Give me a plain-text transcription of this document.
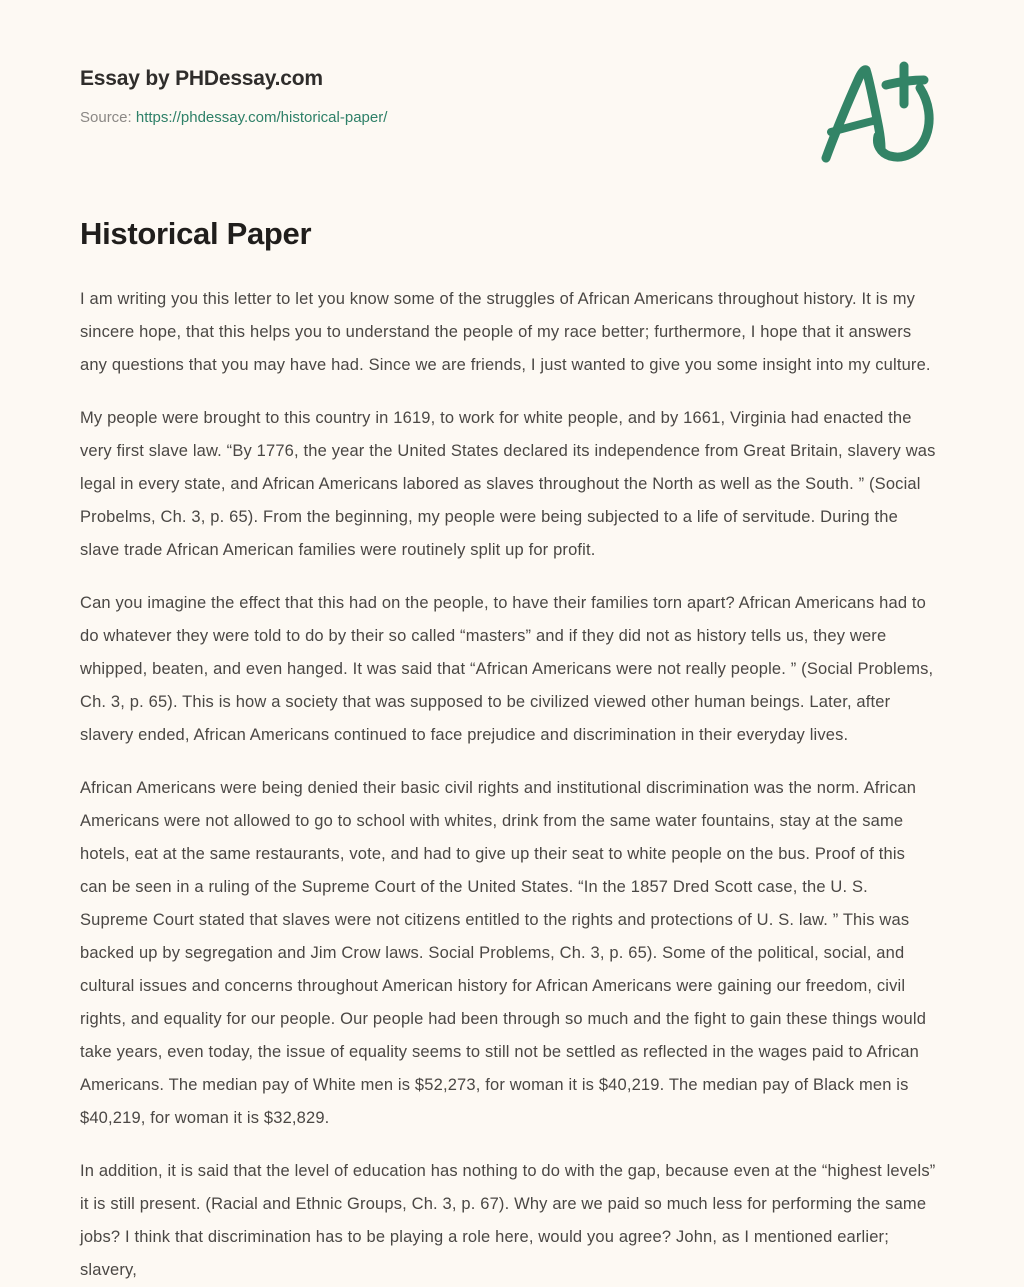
Essay by PHDessay.com
Source: https://phdessay.com/historical-paper/
Historical Paper

I am writing you this letter to let you know some of the struggles of African Americans throughout history. It is my sincere hope, that this helps you to understand the people of my race better; furthermore, I hope that it answers any questions that you may have had. Since we are friends, I just wanted to give you some insight into my culture.

My people were brought to this country in 1619, to work for white people, and by 1661, Virginia had enacted the very first slave law. “By 1776, the year the United States declared its independence from Great Britain, slavery was legal in every state, and African Americans labored as slaves throughout the North as well as the South. ” (Social Probelms, Ch. 3, p. 65). From the beginning, my people were being subjected to a life of servitude. During the slave trade African American families were routinely split up for profit.

Can you imagine the effect that this had on the people, to have their families torn apart? African Americans had to do whatever they were told to do by their so called “masters” and if they did not as history tells us, they were whipped, beaten, and even hanged. It was said that “African Americans were not really people. ” (Social Problems, Ch. 3, p. 65). This is how a society that was supposed to be civilized viewed other human beings. Later, after slavery ended, African Americans continued to face prejudice and discrimination in their everyday lives.

African Americans were being denied their basic civil rights and institutional discrimination was the norm. African Americans were not allowed to go to school with whites, drink from the same water fountains, stay at the same hotels, eat at the same restaurants, vote, and had to give up their seat to white people on the bus. Proof of this can be seen in a ruling of the Supreme Court of the United States. “In the 1857 Dred Scott case, the U. S. Supreme Court stated that slaves were not citizens entitled to the rights and protections of U. S. law. ” This was backed up by segregation and Jim Crow laws. Social Problems, Ch. 3, p. 65). Some of the political, social, and cultural issues and concerns throughout American history for African Americans were gaining our freedom, civil rights, and equality for our people. Our people had been through so much and the fight to gain these things would take years, even today, the issue of equality seems to still not be settled as reflected in the wages paid to African Americans. The median pay of White men is $52,273, for woman it is $40,219. The median pay of Black men is $40,219, for woman it is $32,829.

In addition, it is said that the level of education has nothing to do with the gap, because even at the “highest levels” it is still present. (Racial and Ethnic Groups, Ch. 3, p. 67). Why are we paid so much less for performing the same jobs? I think that discrimination has to be playing a role here, would you agree? John, as I mentioned earlier; slavery,
